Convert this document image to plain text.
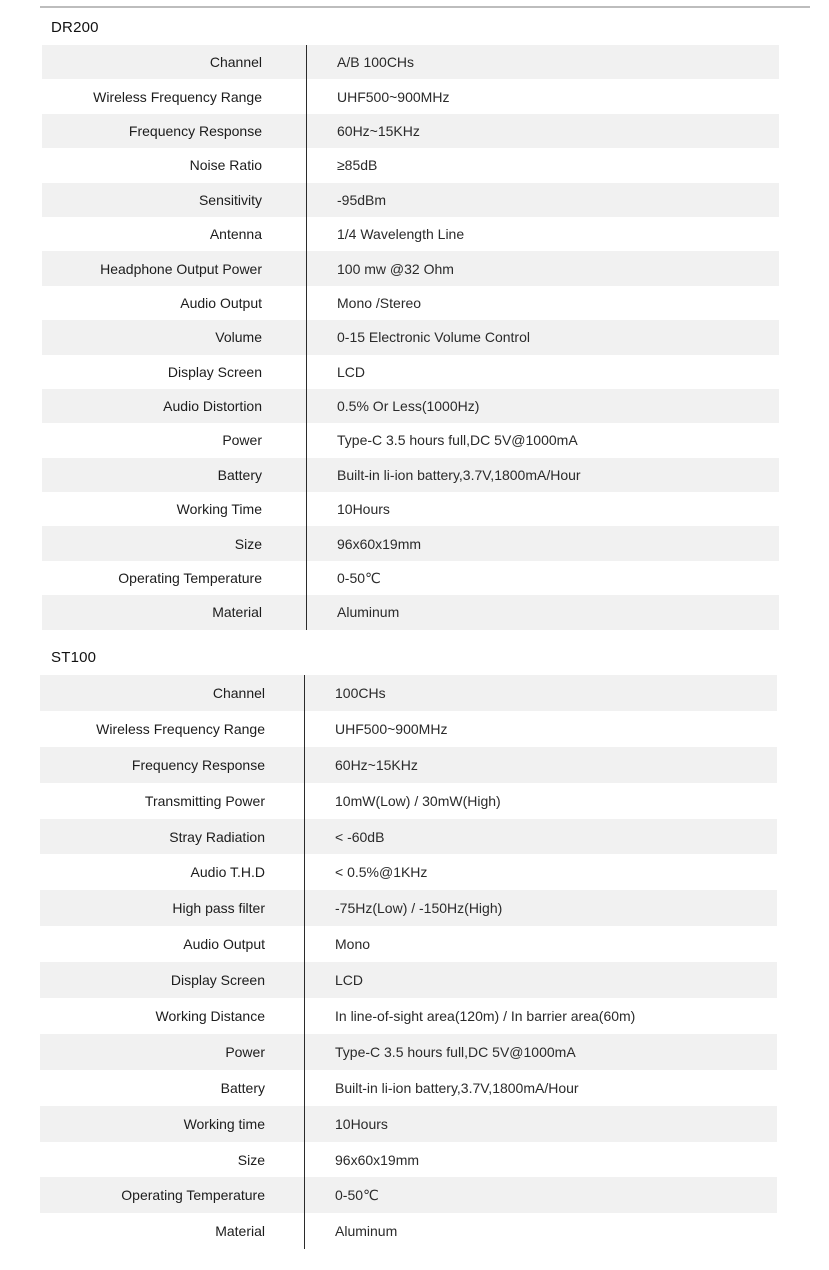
DR200
Channel	A/B 100CHs
Wireless Frequency Range	UHF500~900MHz
Frequency Response	60Hz~15KHz
Noise Ratio	≥85dB
Sensitivity	-95dBm
Antenna	1/4 Wavelength Line
Headphone Output Power	100 mw @32 Ohm
Audio Output	Mono /Stereo
Volume	0-15 Electronic Volume Control
Display Screen	LCD
Audio Distortion	0.5% Or Less(1000Hz)
Power	Type-C 3.5 hours full,DC 5V@1000mA
Battery	Built-in li-ion battery,3.7V,1800mA/Hour
Working Time	10Hours
Size	96x60x19mm
Operating Temperature	0-50℃
Material	Aluminum
ST100
Channel	100CHs
Wireless Frequency Range	UHF500~900MHz
Frequency Response	60Hz~15KHz
Transmitting Power	10mW(Low) / 30mW(High)
Stray Radiation	< -60dB
Audio T.H.D	< 0.5%@1KHz
High pass filter	-75Hz(Low) / -150Hz(High)
Audio Output	Mono
Display Screen	LCD
Working Distance	In line-of-sight area(120m) / In barrier area(60m)
Power	Type-C 3.5 hours full,DC 5V@1000mA
Battery	Built-in li-ion battery,3.7V,1800mA/Hour
Working time	10Hours
Size	96x60x19mm
Operating Temperature	0-50℃
Material	Aluminum
